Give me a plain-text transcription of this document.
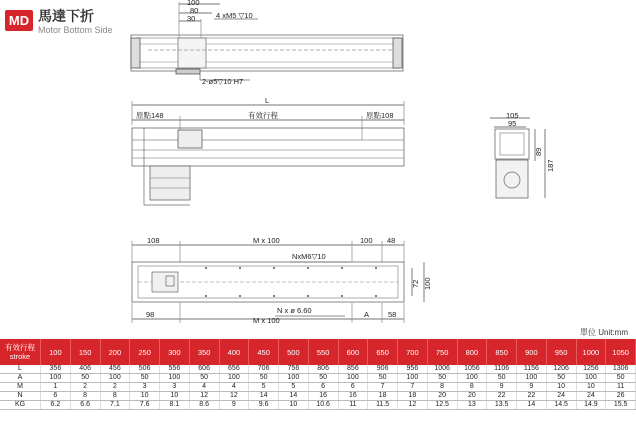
MD 馬達下折
Motor Bottom Side
100
80
30	4 xM5 ▽10
2-ø5▽10 H7
L
原點148	有效行程	原點108	105
95
89
187
108	M x 100	100 48
NxM6▽10
72 100
N x ø 6.60
98
M x 100
A	58
單位 Unit:mm
有效行程
stroke	100	150	200	250	300	350	400	450	500	550	600	650	700	750	800	850	900	950	1000	1050
L	356	406	456	506	556	606	656	706	756	806	856	906	956	1006	1056	1106	1156	1206	1256	1306
A	100	50	100	50	100	50	100	50	100	50	100	50	100	50	100	50	100	50	100	50
M	1	2	2	3	3	4	4	5	5	6	6	7	7	8	8	9	9	10	10	11
N	6	8	8	10	10	12	12	14	14	16	16	18	18	20	20	22	22	24	24	26
KG	6.2	6.6	7.1	7.6	8.1	8.6	9	9.6	10	10.6	11	11.5	12	12.5	13	13.5	14	14.5	14.9	15.5
